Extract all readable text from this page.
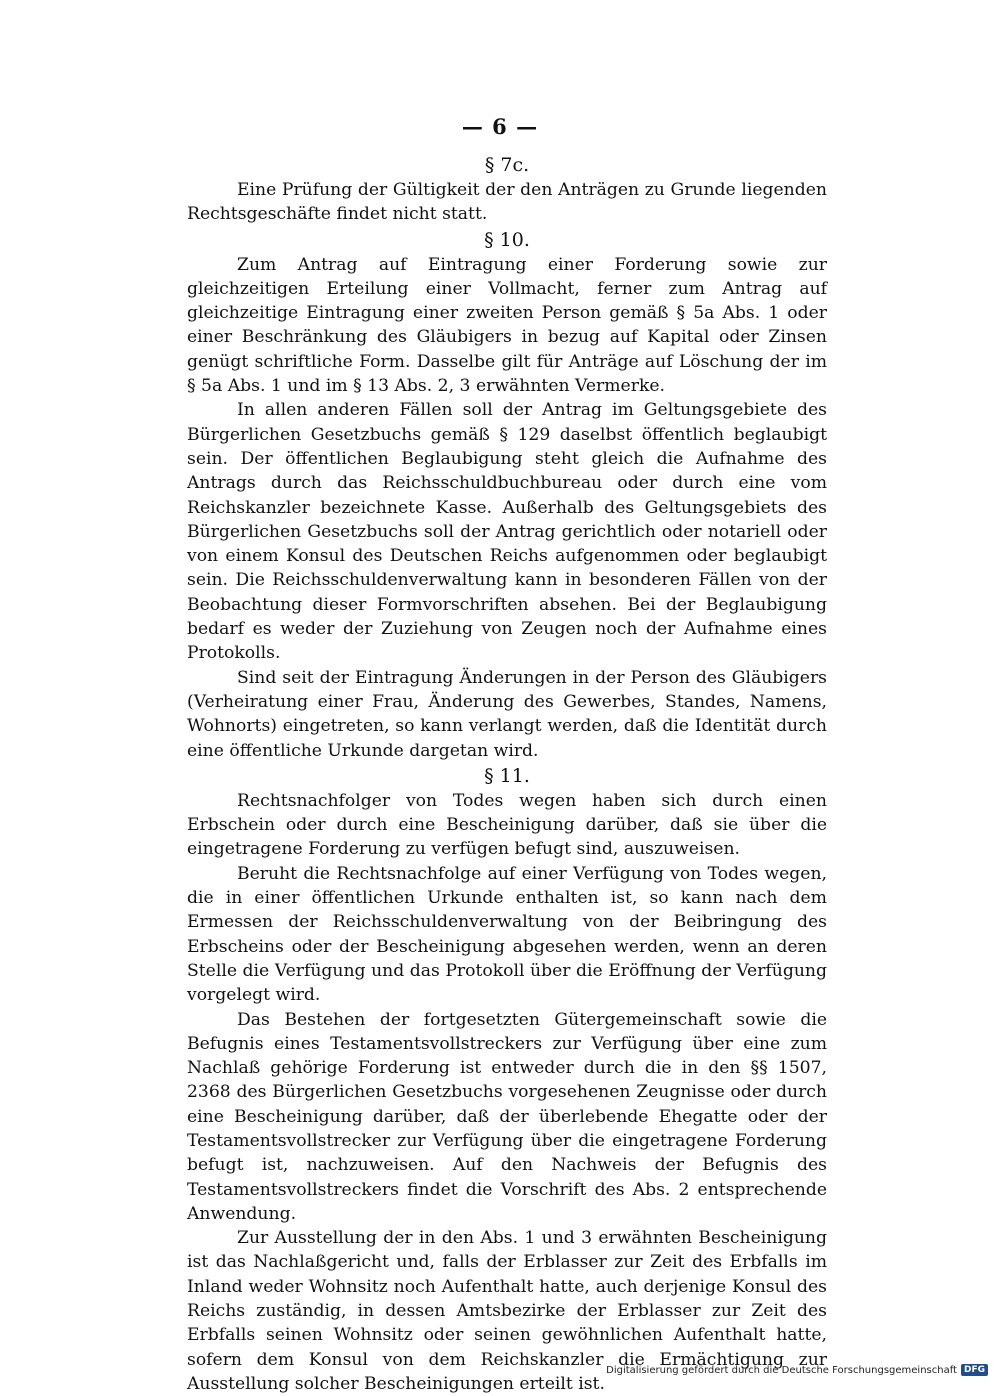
— 6 —

§ 7c.

Eine Prüfung der Gültigkeit der den Anträgen zu Grunde liegenden Rechtsgeschäfte findet nicht statt.

§ 10.

Zum Antrag auf Eintragung einer Forderung sowie zur gleichzeitigen Erteilung einer Vollmacht, ferner zum Antrag auf gleichzeitige Eintragung einer zweiten Person gemäß § 5a Abs. 1 oder einer Beschränkung des Gläubigers in bezug auf Kapital oder Zinsen genügt schriftliche Form. Dasselbe gilt für Anträge auf Löschung der im § 5a Abs. 1 und im § 13 Abs. 2, 3 erwähnten Vermerke.

In allen anderen Fällen soll der Antrag im Geltungsgebiete des Bürgerlichen Gesetzbuchs gemäß § 129 daselbst öffentlich beglaubigt sein. Der öffentlichen Beglaubigung steht gleich die Aufnahme des Antrags durch das Reichsschuldbuchbureau oder durch eine vom Reichskanzler bezeichnete Kasse. Außerhalb des Geltungsgebiets des Bürgerlichen Gesetzbuchs soll der Antrag gerichtlich oder notariell oder von einem Konsul des Deutschen Reichs aufgenommen oder beglaubigt sein. Die Reichsschuldenverwaltung kann in besonderen Fällen von der Beobachtung dieser Formvorschriften absehen. Bei der Beglaubigung bedarf es weder der Zuziehung von Zeugen noch der Aufnahme eines Protokolls.

Sind seit der Eintragung Änderungen in der Person des Gläubigers (Verheiratung einer Frau, Änderung des Gewerbes, Standes, Namens, Wohnorts) eingetreten, so kann verlangt werden, daß die Identität durch eine öffentliche Urkunde dargetan wird.

§ 11.

Rechtsnachfolger von Todes wegen haben sich durch einen Erbschein oder durch eine Bescheinigung darüber, daß sie über die eingetragene Forderung zu verfügen befugt sind, auszuweisen.

Beruht die Rechtsnachfolge auf einer Verfügung von Todes wegen, die in einer öffentlichen Urkunde enthalten ist, so kann nach dem Ermessen der Reichsschuldenverwaltung von der Beibringung des Erbscheins oder der Bescheinigung abgesehen werden, wenn an deren Stelle die Verfügung und das Protokoll über die Eröffnung der Verfügung vorgelegt wird.

Das Bestehen der fortgesetzten Gütergemeinschaft sowie die Befugnis eines Testamentsvollstreckers zur Verfügung über eine zum Nachlaß gehörige Forderung ist entweder durch die in den §§ 1507, 2368 des Bürgerlichen Gesetzbuchs vorgesehenen Zeugnisse oder durch eine Bescheinigung darüber, daß der überlebende Ehegatte oder der Testamentsvollstrecker zur Verfügung über die eingetragene Forderung befugt ist, nachzuweisen. Auf den Nachweis der Befugnis des Testamentsvollstreckers findet die Vorschrift des Abs. 2 entsprechende Anwendung.

Zur Ausstellung der in den Abs. 1 und 3 erwähnten Bescheinigung ist das Nachlaßgericht und, falls der Erblasser zur Zeit des Erbfalls im Inland weder Wohnsitz noch Aufenthalt hatte, auch derjenige Konsul des Reichs zuständig, in dessen Amtsbezirke der Erblasser zur Zeit des Erbfalls seinen Wohnsitz oder seinen gewöhnlichen Aufenthalt hatte, sofern dem Konsul von dem Reichskanzler die Ermächtigung zur Ausstellung solcher Bescheinigungen erteilt ist.

Digitalisierung gefördert durch die Deutsche Forschungsgemeinschaft DFG
